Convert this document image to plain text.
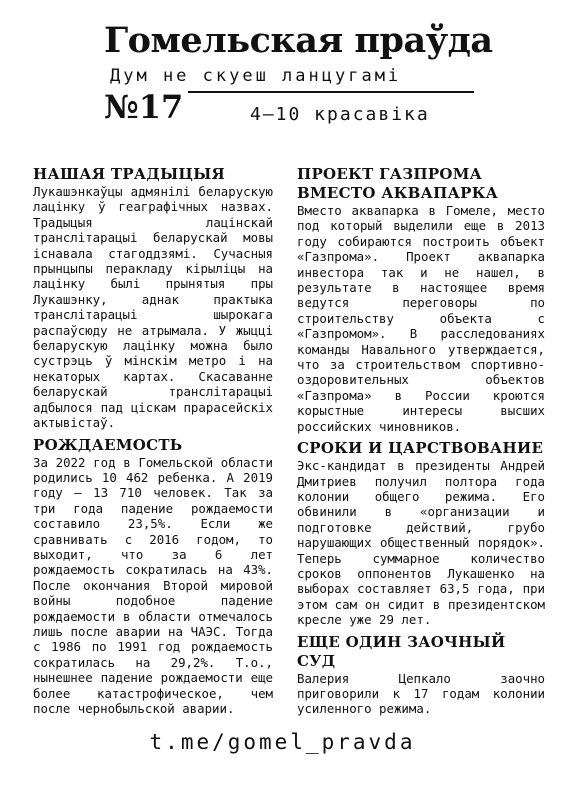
Гомельская праўда
Дум не скуеш ланцугамі
№17	4—10 красавіка
НАШАЯ ТРАДЫЦЫЯ

Лукашэнкаўцы адмянілі беларускую лацінку ў геаграфічных назвах. Традыцыя лацінскай транслітарацыі беларускай мовы існавала стагоддзямі. Сучасныя прынцыпы перакладу кірыліцы на лацінку былі прынятыя пры Лукашэнку, аднак практыка транслітарацыі шырокага распаўсюду не атрымала. У жыцці беларускую лацінку можна было сустрэць ў мінскім метро і на некаторых картах. Скасаванне беларускай транслітарацыі адбылося пад ціскам прарасейскіх актывістаў.

РОЖДАЕМОСТЬ

За 2022 год в Гомельской области родились 10 462 ребенка. А 2019 году — 13 710 человек. Так за три года падение рождаемости составило 23,5%. Если же сравнивать с 2016 годом, то выходит, что за 6 лет рождаемость сократилась на 43%. После окончания Второй мировой войны подобное падение рождаемости в области отмечалось лишь после аварии на ЧАЭС. Тогда с 1986 по 1991 год рождаемость сократилась на 29,2%. Т.о., нынешнее падение рождаемости еще более катастрофическое, чем после чернобыльской аварии.

ПРОЕКТ ГАЗПРОМА ВМЕСТО АКВАПАРКА

Вместо аквапарка в Гомеле, место под который выделили еще в 2013 году собираются построить объект «Газпрома». Проект аквапарка инвестора так и не нашел, в результате в настоящее время ведутся переговоры по строительству объекта с «Газпромом». В расследованиях команды Навального утверждается, что за строительством спортивно-оздоровительных объектов «Газпрома» в России кроются корыстные интересы высших российских чиновников.

СРОКИ И ЦАРСТВОВАНИЕ

Экс-кандидат в президенты Андрей Дмитриев получил полтора года колонии общего режима. Его обвинили в «организации и подготовке действий, грубо нарушающих общественный порядок». Теперь суммарное количество сроков оппонентов Лукашенко на выборах составляет 63,5 года, при этом сам он сидит в президентском кресле уже 29 лет.

ЕЩЕ ОДИН ЗАОЧНЫЙ СУД

Валерия Цепкало заочно приговорили к 17 годам колонии усиленного режима.

t.me/gomel_pravda
